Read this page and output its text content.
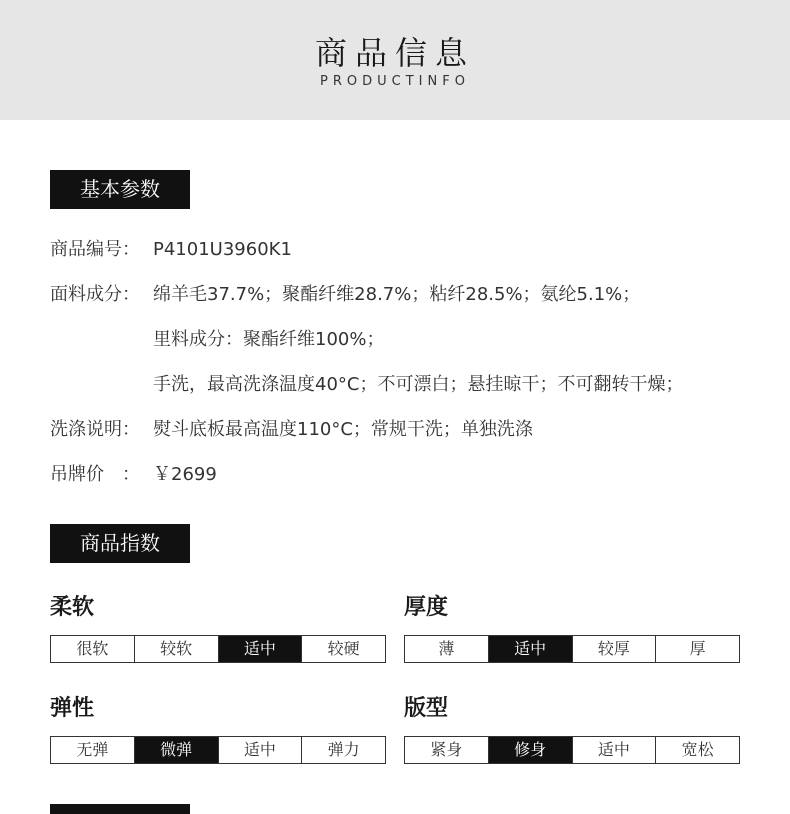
商品信息
PRODUCTINFO
基本参数
商品编号： P4101U3960K1
面料成分： 绵羊毛37.7%；聚酯纤维28.7%；粘纤28.5%；氨纶5.1%；
里料成分：聚酯纤维100%；
手洗，最高洗涤温度40°C；不可漂白；悬挂晾干；不可翻转干燥；
洗涤说明： 熨斗底板最高温度110°C；常规干洗；单独洗涤
吊牌价　： ￥2699
商品指数
柔软
很软	较软	适中	较硬
厚度
薄	适中	较厚	厚
弹性
无弹	微弹	适中	弹力
版型
紧身	修身	适中	宽松
